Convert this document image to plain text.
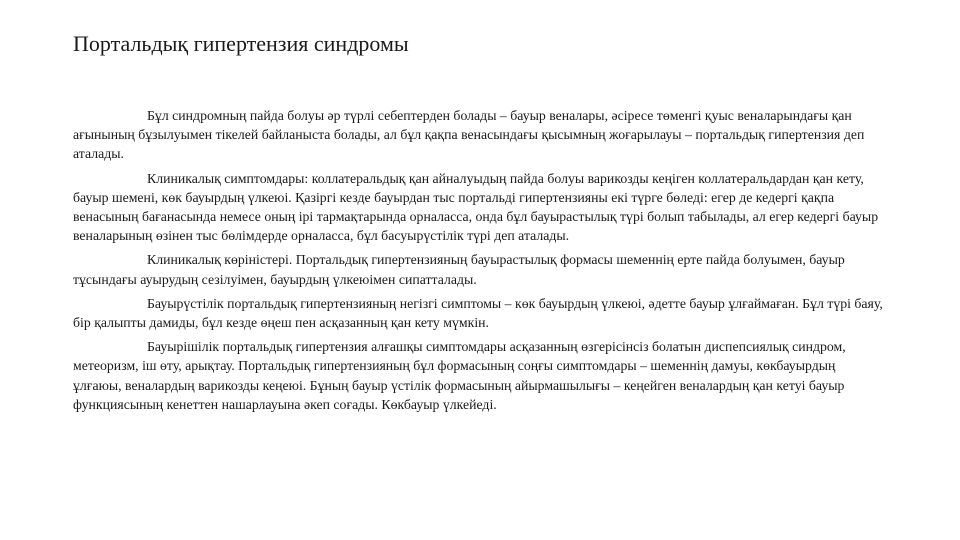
Портальдық гипертензия синдромы

Бұл синдромның пайда болуы әр түрлі себептерден болады – бауыр веналары, әсіресе төменгі қуыс веналарындағы қан ағынының бұзылуымен тікелей байланыста болады, ал бұл қақпа венасындағы қысымның жоғарылауы – портальдық гипертензия деп аталады.

Клиникалық симптомдары: коллатеральдық қан айналуыдың пайда болуы варикозды кеңіген коллатеральдардан қан кету, бауыр шемені, көк бауырдың үлкеюі. Қазіргі кезде бауырдан тыс портальді гипертензияны екі түрге бөледі: егер де кедергі қақпа венасының бағанасында немесе оның ірі тармақтарында орналасса, онда бұл бауырастылық түрі болып табылады, ал егер кедергі бауыр веналарының өзінен тыс бөлімдерде орналасса, бұл басуырүстілік түрі деп аталады.

Клиникалық көріністері. Портальдық гипертензияның бауырастылық формасы шеменнің ерте пайда болуымен, бауыр тұсындағы ауырудың сезілуімен, бауырдың үлкеюімен сипатталады.

Бауырүстілік портальдық гипертензияның негізгі симптомы – көк бауырдың үлкеюі, әдетте бауыр ұлғаймаған. Бұл түрі баяу, бір қалыпты дамиды, бұл кезде өңеш пен асқазанның қан кету мүмкін.

Бауырішілік портальдық гипертензия алғашқы симптомдары асқазанның өзгерісінсіз болатын диспепсиялық синдром, метеоризм, іш өту, арықтау. Портальдық гипертензияның бұл формасының соңғы симптомдары – шеменнің дамуы, көкбауырдың ұлғаюы, веналардың варикозды кеңеюі. Бұның бауыр үстілік формасының айырмашылығы – кеңейген веналардың қан кетуі бауыр функциясының кенеттен нашарлауына әкеп соғады. Көкбауыр үлкейеді.
